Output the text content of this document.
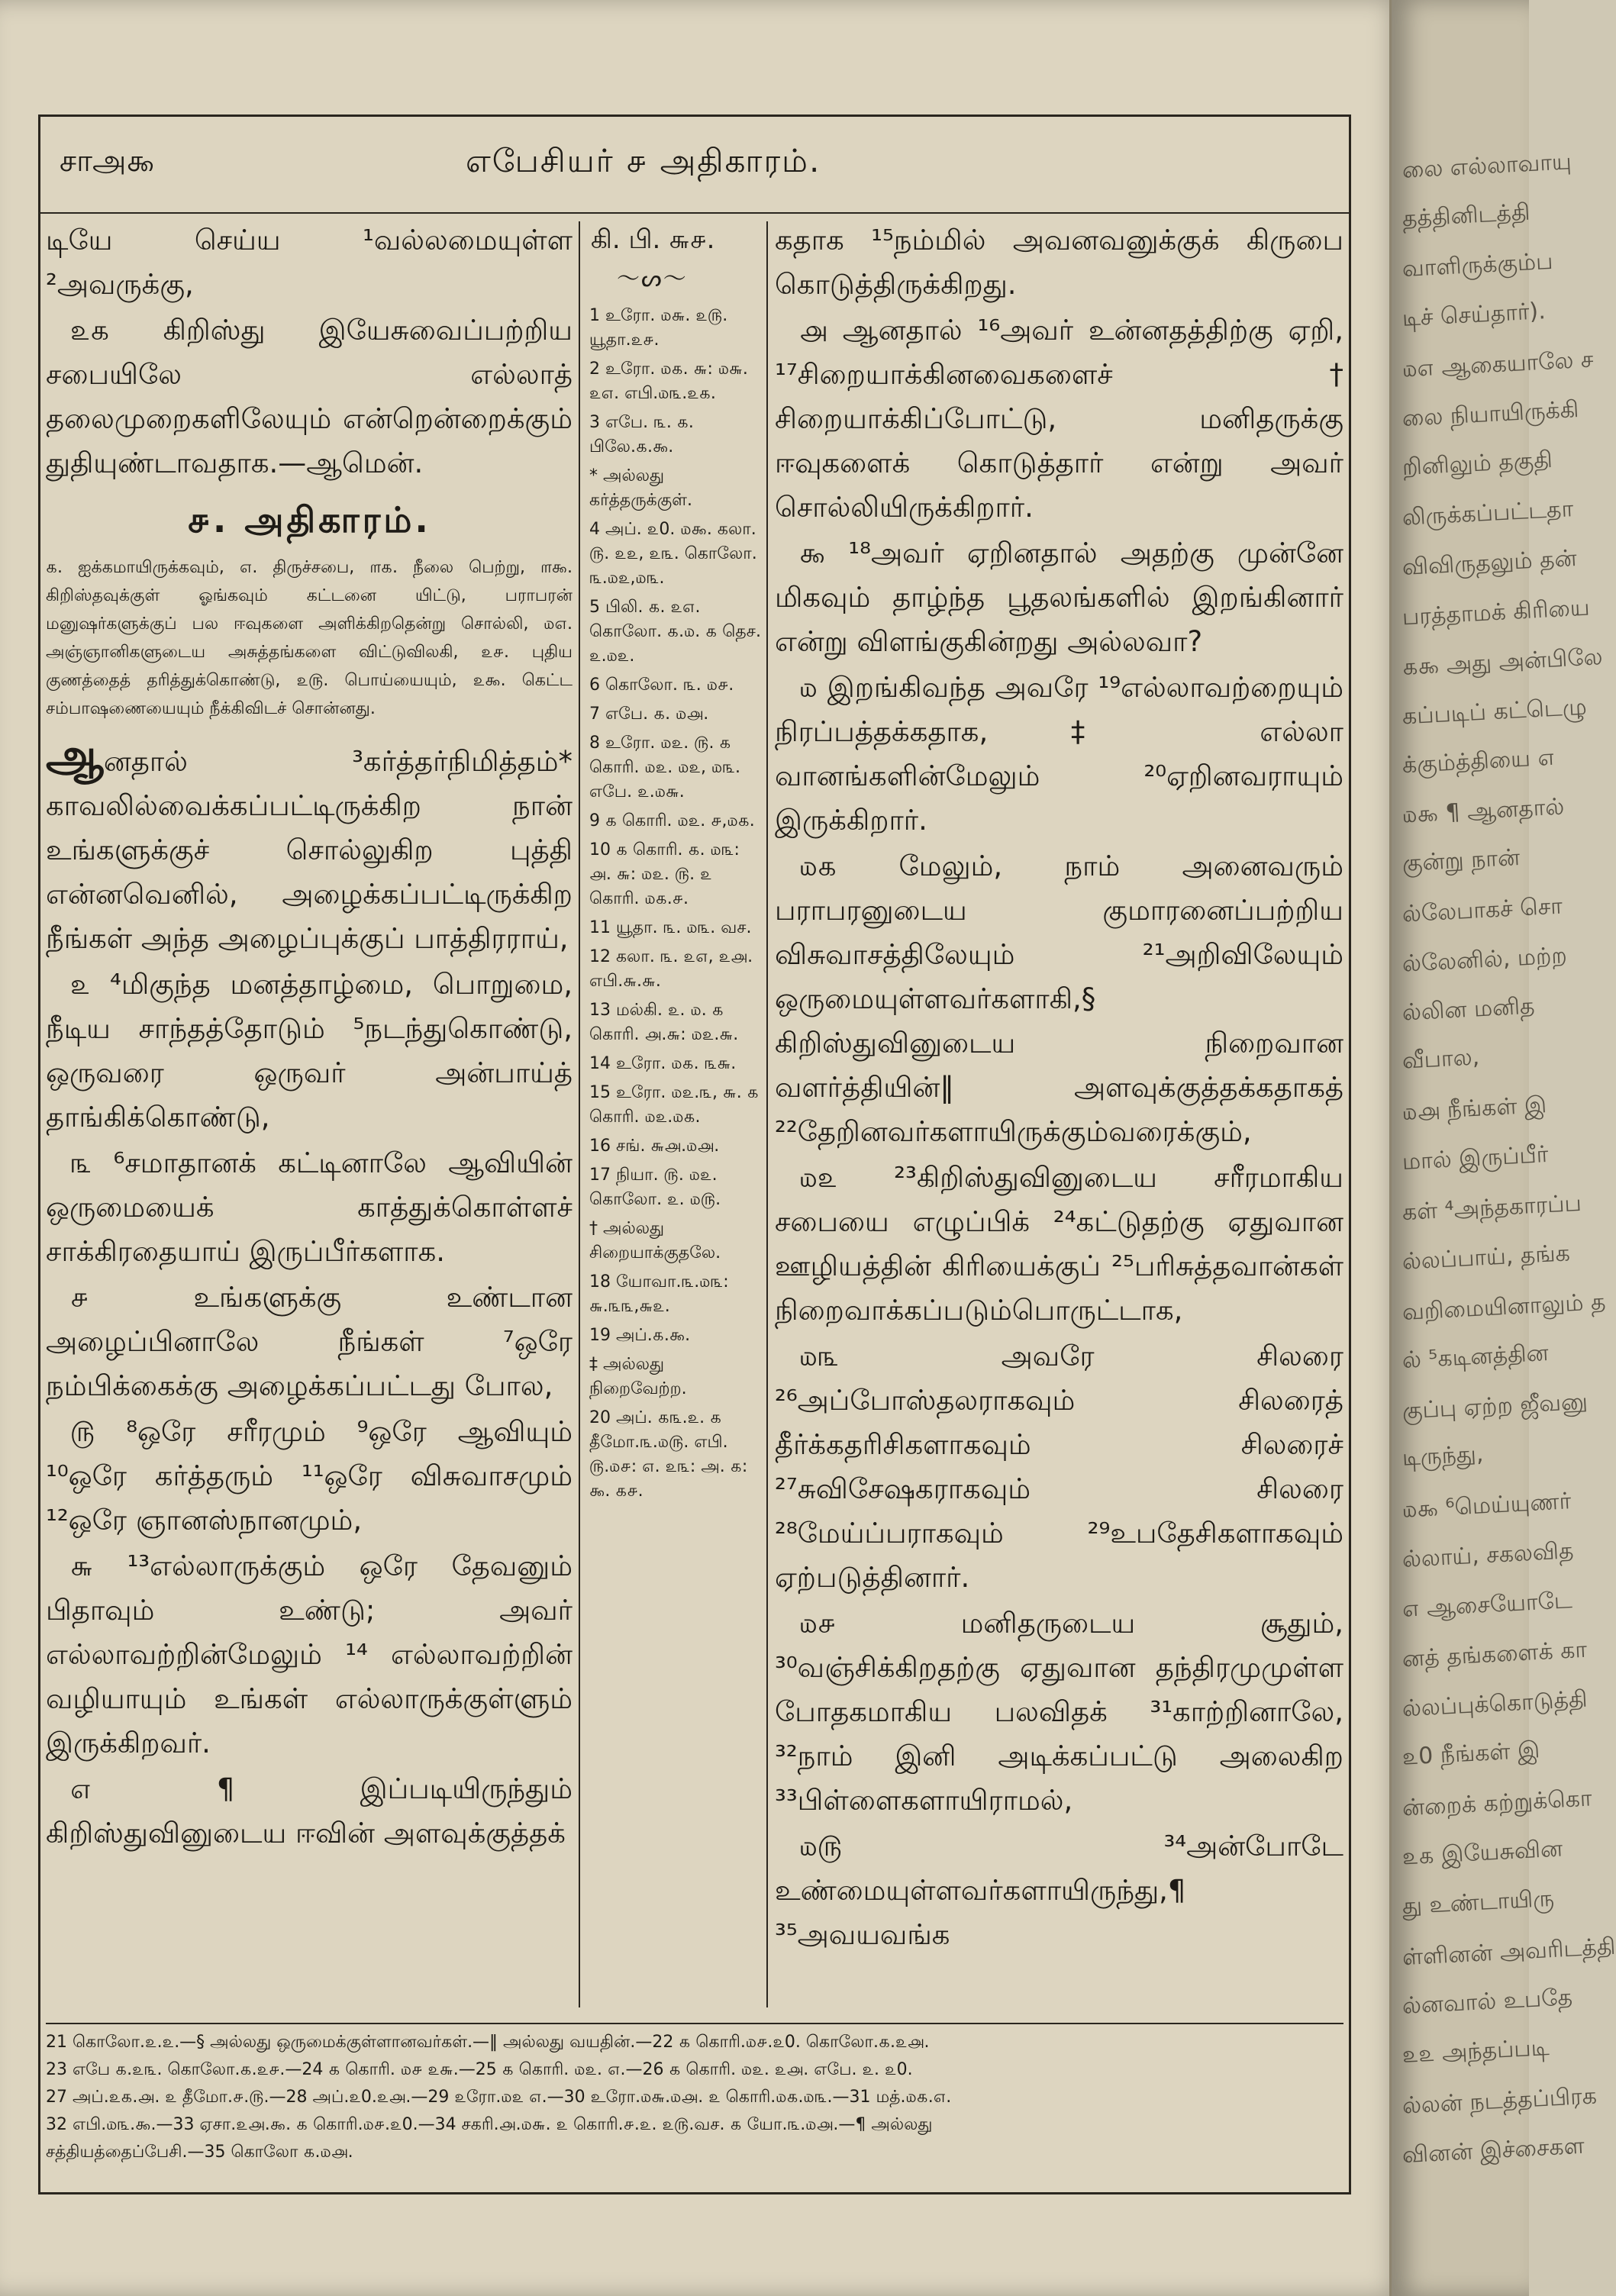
லை எல்லாவாயு
தத்தினிடத்தி
வாளிருக்கும்ப
டிச் செய்தார்).
௰௭ ஆகையாலே ச
லை நியாயிருக்கி
றினிலும் தகுதி
லிருக்கப்பட்டதா
விவிருதலும் தன்
பரத்தாமக் கிரியை
௧௯ அது அன்பிலே
கப்படிப் கட்டெழு
க்கும்த்தியை ௭
௰௯ ¶ ஆனதால்
குன்று நான்
ல்லேபாகச் சொ
ல்லேனில், மற்ற
ல்லின மனித
வீபால,
௰௮ நீங்கள் இ
மால் இருப்பீர்
கள் ⁴அந்தகாரப்ப
ல்லப்பாய், தங்க
வறிமையினாலும் த
ல் ⁵கடினத்தின
குப்பு ஏற்ற ஜீவனு
டிருந்து,
௰௯ ⁶மெய்யுணர்
ல்லாய், சகலவித
௭ ஆசையோடே
னத் தங்களைக் கா
ல்லப்புக்கொடுத்தி
௨0 நீங்கள் இ
ன்றைக் கற்றுக்கொ
௨௧ இயேசுவின
து உண்டாயிரு
ள்ளினன் அவரிடத்தி
ல்னவால் உபதே
௨௨ அந்தப்படி
ல்லன் நடத்தப்பிரக
வினன் இச்சைகள
சாஅ௯	எபேசியர் ௪ அதிகாரம்.

டியே செய்ய ¹வல்லமையுள்ள ²அவருக்கு,

௨௧ கிறிஸ்து இயேசுவைப்பற்றிய சபையிலே எல்லாத் தலைமுறைகளிலேயும் என்றென்றைக்கும் துதியுண்டாவதாக.—ஆமென்.

௪. அதிகாரம்.

௧. ஐக்கமாயிருக்கவும், ௭. திருச்சபை, ௱௧. நீலை பெற்று, ௱௯. கிறிஸ்தவுக்குள் ஓங்கவும் கட்டனை யிட்டு, பராபரன் மனுஷர்களுக்குப் பல ஈவுகளை அளிக்கிறதென்று சொல்லி, ௰௭. அஞ்ஞானிகளுடைய அசுத்தங்களை விட்டுவிலகி, ௨௪. புதிய குணத்தைத் தரித்துக்கொண்டு, ௨௫. பொய்யையும், ௨௯. கெட்ட சம்பாஷணையையும் நீக்கிவிடச் சொன்னது.

ஆனதால் ³கர்த்தர்நிமித்தம்* காவலில்வைக்கப்பட்டிருக்கிற நான் உங்களுக்குச் சொல்லுகிற புத்தி என்னவெனில், அழைக்கப்பட்டிருக்கிற நீங்கள் அந்த அழைப்புக்குப் பாத்திரராய்,

௨ ⁴மிகுந்த மனத்தாழ்மை, பொறுமை, நீடிய சாந்தத்தோடும் ⁵நடந்துகொண்டு, ஒருவரை ஒருவர் அன்பாய்த் தாங்கிக்கொண்டு,

௩ ⁶சமாதானக் கட்டினாலே ஆவியின் ஒருமையைக் காத்துக்கொள்ளச் சாக்கிரதையாய் இருப்பீர்களாக.

௪ உங்களுக்கு உண்டான அழைப்பினாலே நீங்கள் ⁷ஒரே நம்பிக்கைக்கு அழைக்கப்பட்டது போல,

௫ ⁸ஒரே சரீரமும் ⁹ஒரே ஆவியும் ¹⁰ஒரே கர்த்தரும் ¹¹ஒரே விசுவாசமும் ¹²ஒரே ஞானஸ்நானமும்,

௬ ¹³எல்லாருக்கும் ஒரே தேவனும் பிதாவும் உண்டு; அவர் எல்லாவற்றின்மேலும் ¹⁴ எல்லாவற்றின் வழியாயும் உங்கள் எல்லாருக்குள்ளும் இருக்கிறவர்.

௭ ¶ இப்படியிருந்தும் கிறிஸ்துவினுடைய ஈவின் அளவுக்குத்தக்

கி. பி. ௬௪.
〜ᔕ〜
1 உரோ. ௰௬. ௨௫. யூதா.௨௪.
2 உரோ. ௰௧. ௬: ௰௬. ௨௭. எபி.௰௩.௨௧.
3 எபே. ௩. ௧. பிலே.௧.௯.
* அல்லது கர்த்தருக்குள்.
4 அப். ௨0. ௰௯. கலா. ௫. ௨௨, ௨௩. கொலோ. ௩.௰௨,௰௩.
5 பிலி. ௧. ௨௭. கொலோ. ௧.௰. ௧ தெச. ௨.௰௨.
6 கொலோ. ௩. ௰௪.
7 எபே. ௧. ௰௮.
8 உரோ. ௰௨. ௫. ௧ கொரி. ௰௨. ௰௨, ௰௩. எபே. ௨.௰௬.
9 ௧ கொரி. ௰௨. ௪,௰௧.
10 ௧ கொரி. ௧. ௰௩: ௮. ௬: ௰௨. ௫. ௨ கொரி. ௰௧.௪.
11 யூதா. ௩. ௰௩. வச.
12 கலா. ௩. ௨௭, ௨௮. எபி.௬.௬.
13 மல்கி. ௨. ௰. ௧ கொரி. ௮.௬: ௰௨.௬.
14 உரோ. ௰௧. ௩௬.
15 உரோ. ௰௨.௩, ௬. ௧ கொரி. ௰௨.௰௧.
16 சங். ௬௮.௰௮.
17 நியா. ௫. ௰௨. கொலோ. ௨. ௰௫.
† அல்லது சிறையாக்குதலே.
18 யோவா.௩.௰௩: ௬.௩௩,௬௨.
19 அப்.௧.௯.
‡ அல்லது நிறைவேற்ற.
20 அப். ௧௩.௨. ௧ தீமோ.௩.௰௫. எபி. ௫.௰௪: ௭. ௨௩: அ. ௧: ௯. ௧௪.

கதாக ¹⁵நம்மில் அவனவனுக்குக் கிருபை கொடுத்திருக்கிறது.

௮ ஆனதால் ¹⁶அவர் உன்னதத்திற்கு ஏறி, ¹⁷சிறையாக்கினவைகளைச்† சிறையாக்கிப்போட்டு, மனிதருக்கு ஈவுகளைக் கொடுத்தார் என்று அவர் சொல்லியிருக்கிறார்.

௯ ¹⁸அவர் ஏறினதால் அதற்கு முன்னே மிகவும் தாழ்ந்த பூதலங்களில் இறங்கினார் என்று விளங்குகின்றது அல்லவா?

௰ இறங்கிவந்த அவரே ¹⁹எல்லாவற்றையும் நிரப்பத்தக்கதாக,‡ எல்லா வானங்களின்மேலும் ²⁰ஏறினவராயும் இருக்கிறார்.

௰௧ மேலும், நாம் அனைவரும் பராபரனுடைய குமாரனைப்பற்றிய விசுவாசத்திலேயும் ²¹அறிவிலேயும் ஒருமையுள்ளவர்களாகி,§ கிறிஸ்துவினுடைய நிறைவான வளர்த்தியின்‖ அளவுக்குத்தக்கதாகத் ²²தேறினவர்களாயிருக்கும்வரைக்கும்,

௰௨ ²³கிறிஸ்துவினுடைய சரீரமாகிய சபையை எழுப்பிக் ²⁴கட்டுதற்கு ஏதுவான ஊழியத்தின் கிரியைக்குப் ²⁵பரிசுத்தவான்கள் நிறைவாக்கப்படும்பொருட்டாக,

௰௩ அவரே சிலரை ²⁶அப்போஸ்தலராகவும் சிலரைத் தீர்க்கதரிசிகளாகவும் சிலரைச் ²⁷சுவிசேஷகராகவும் சிலரை ²⁸மேய்ப்பராகவும் ²⁹உபதேசிகளாகவும் ஏற்படுத்தினார்.

௰௪ மனிதருடைய சூதும், ³⁰வஞ்சிக்கிறதற்கு ஏதுவான தந்திரமுமுள்ள போதகமாகிய பலவிதக் ³¹காற்றினாலே, ³²நாம் இனி அடிக்கப்பட்டு அலைகிற ³³பிள்ளைகளாயிராமல்,

௰௫ ³⁴அன்போடே உண்மையுள்ளவர்களாயிருந்து,¶ ³⁵அவயவங்க

21 கொலோ.௨.௨.—§ அல்லது ஒருமைக்குள்ளானவர்கள்.—‖ அல்லது வயதின்.—22 ௧ கொரி.௰௪.௨0. கொலோ.௧.௨௮.
23 எபே ௧.௨௩. கொலோ.௧.௨௪.—24 ௧ கொரி. ௰௪ ௨௬.—25 ௧ கொரி. ௰௨. ௭.—26 ௧ கொரி. ௰௨. ௨௮. எபே. ௨. ௨0.
27 அப்.௨௧.௮. ௨ தீமோ.௪.௫.—28 அப்.௨0.௨௮.—29 ௨ரோ.௰௨ ௭.—30 உரோ.௰௬.௰௮. ௨ கொரி.௰௧.௰௩.—31 மத்.௰௧.௭.
32 எபி.௰௩.௯.—33 ஏசா.௨௮.௯. ௧ கொரி.௰௪.௨0.—34 சகரி.௮.௰௬. ௨ கொரி.௪.௨. ௨௫.வச. ௧ யோ.௩.௰௮.—¶ அல்லது
சத்தியத்தைப்பேசி.—35 கொலோ ௧.௰௮.
